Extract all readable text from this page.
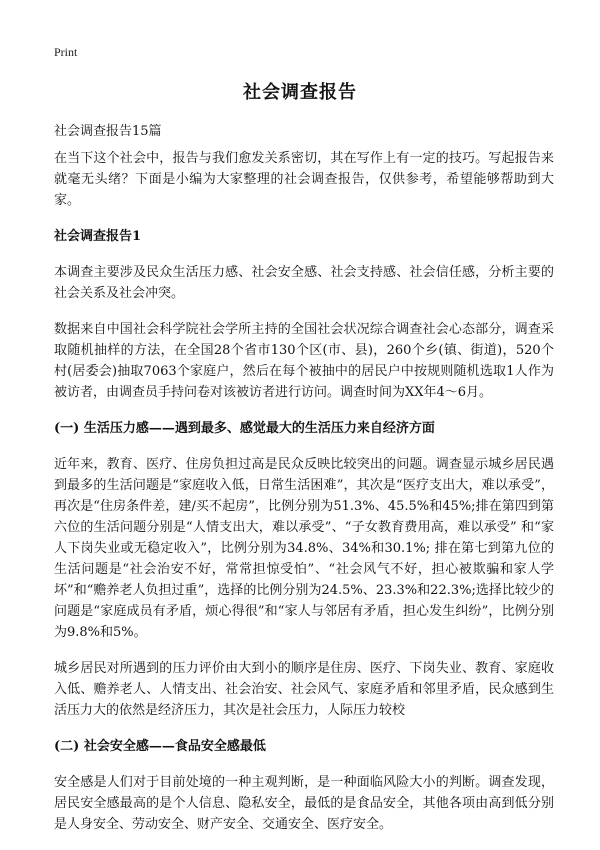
Print
社会调查报告
社会调查报告15篇

在当下这个社会中，报告与我们愈发关系密切，其在写作上有一定的技巧。写起报告来就毫无头绪？下面是小编为大家整理的社会调查报告，仅供参考，希望能够帮助到大家。

社会调查报告1

本调查主要涉及民众生活压力感、社会安全感、社会支持感、社会信任感，分析主要的社会关系及社会冲突。

数据来自中国社会科学院社会学所主持的全国社会状况综合调查社会心态部分，调查采取随机抽样的方法，在全国28个省市130个区(市、县)，260个乡(镇、街道)，520个村(居委会)抽取7063个家庭户，然后在每个被抽中的居民户中按规则随机选取1人作为被访者，由调查员手持问卷对该被访者进行访问。调查时间为XX年4～6月。

(一) 生活压力感——遇到最多、感觉最大的生活压力来自经济方面

近年来，教育、医疗、住房负担过高是民众反映比较突出的问题。调查显示城乡居民遇到最多的生活问题是“家庭收入低，日常生活困难”，其次是“医疗支出大，难以承受”，再次是“住房条件差，建/买不起房”，比例分别为51.3%、45.5%和45%;排在第四到第六位的生活问题分别是“人情支出大，难以承受”、“子女教育费用高，难以承受” 和“家人下岗失业或无稳定收入”，比例分别为34.8%、34%和30.1%; 排在第七到第九位的生活问题是“社会治安不好，常常担惊受怕”、“社会风气不好，担心被欺骗和家人学坏”和“赡养老人负担过重”，选择的比例分别为24.5%、23.3%和22.3%;选择比较少的问题是“家庭成员有矛盾，烦心得很”和“家人与邻居有矛盾，担心发生纠纷”，比例分别为9.8%和5%。

城乡居民对所遇到的压力评价由大到小的顺序是住房、医疗、下岗失业、教育、家庭收入低、赡养老人、人情支出、社会治安、社会风气、家庭矛盾和邻里矛盾，民众感到生活压力大的依然是经济压力，其次是社会压力，人际压力较校

(二) 社会安全感——食品安全感最低

安全感是人们对于目前处境的一种主观判断，是一种面临风险大小的判断。调查发现，居民安全感最高的是个人信息、隐私安全，最低的是食品安全，其他各项由高到低分别是人身安全、劳动安全、财产安全、交通安全、医疗安全。
